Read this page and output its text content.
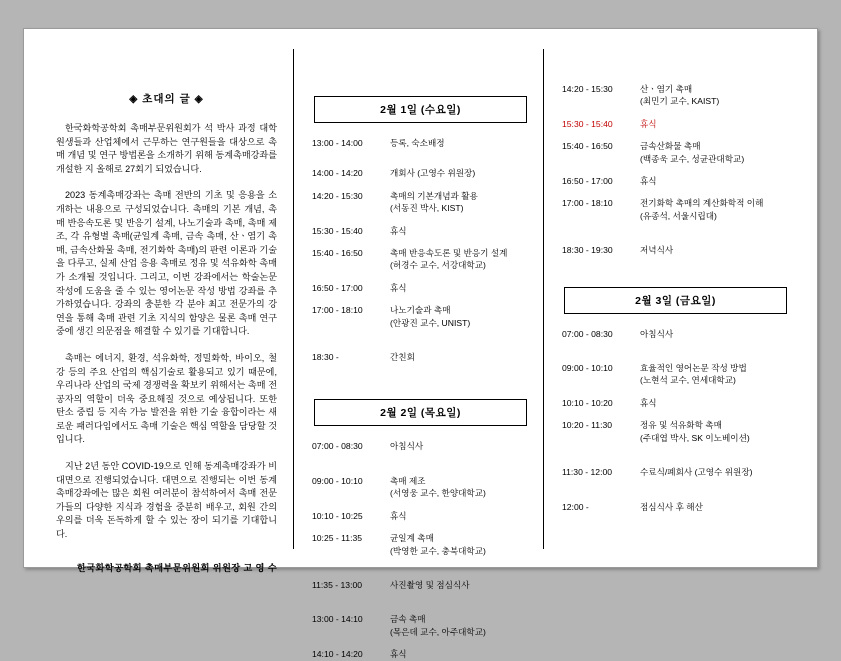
◈ 초대의 글 ◈

한국화학공학회 촉매부문위원회가 석 박사 과정 대학원생들과 산업체에서 근무하는 연구원들을 대상으로 촉매 개념 및 연구 방법론을 소개하기 위해 동계촉매강좌를 개설한 지 올해로 27회기 되었습니다.

2023 동계촉매강좌는 촉매 전반의 기초 및 응용을 소개하는 내용으로 구성되었습니다. 촉매의 기본 개념, 촉매 반응속도론 및 반응기 설계, 나노기술과 촉매, 촉매 제조, 각 유형별 촉매(균일계 촉매, 금속 촉매, 산ㆍ염기 촉매, 금속산화물 촉매, 전기화학 촉매)의 판련 이론과 기술을 다루고, 실제 산업 응용 촉매로 정유 및 석유화학 촉매가 소개될 것입니다. 그리고, 이번 강좌에서는 학술논문 작성에 도움을 줄 수 있는 영어논문 작성 방법 강좌를 추가하였습니다. 강좌의 충분한 각 분야 최고 전문가의 강연을 통해 촉매 관련 기초 지식의 함양은 물론 촉매 연구 중에 생긴 의문점을 해결할 수 있기를 기대합니다.

촉매는 에너지, 환경, 석유화학, 정밀화학, 바이오, 철강 등의 주요 산업의 핵심기술로 활용되고 있기 때문에, 우리나라 산업의 국제 경쟁력을 확보키 위해서는 촉매 전공자의 역할이 더욱 중요해질 것으로 예상됩니다. 또한 탄소 중립 등 지속 가능 발전을 위한 기술 융합이라는 새로운 패러다임에서도 촉매 기술은 핵심 역할을 담당할 것입니다.

지난 2년 동안 COVID-19으로 인해 동계촉매강좌가 비대면으로 진행되었습니다. 대면으로 진행되는 이번 동계촉매강좌에는 많은 회원 여러분이 참석하여서 촉매 전문가들의 다양한 지식과 경험을 중분히 배우고, 회원 간의 우의를 더욱 돈독하게 할 수 있는 장이 되기를 기대합니다.

한국화학공학회 촉매부문위원회 위원장 고 영 수
2월 1일 (수요일)
13:00 - 14:00	등록, 숙소배정
14:00 - 14:20	개회사 (고영수 위원장)
14:20 - 15:30	촉매의 기본개념과 활용
(서동진 박사, KIST)
15:30 - 15:40	휴식
15:40 - 16:50	촉매 반응속도론 및 반응기 설계
(허경수 교수, 서강대학교)
16:50 - 17:00	휴식
17:00 - 18:10	나노기술과 촉매
(안광진 교수, UNIST)
18:30 -	간친회
2월 2일 (목요일)
07:00 - 08:30	아침식사
09:00 - 10:10	촉매 제조
(서영웅 교수, 한양대학교)
10:10 - 10:25	휴식
10:25 - 11:35	균일계 촉매
(박영한 교수, 충북대학교)
11:35 - 13:00	사진촬영 및 점심식사
13:00 - 14:10	금속 촉매
(목은데 교수, 아주대학교)
14:10 - 14:20	휴식
14:20 - 15:30	산ㆍ염기 촉매
(최민기 교수, KAIST)
15:30 - 15:40	휴식
15:40 - 16:50	금속산화물 촉매
(백종욱 교수, 성균관대학교)
16:50 - 17:00	휴식
17:00 - 18:10	전기화학 촉매의 계산화학적 이해
(유종석, 서울시립대)
18:30 - 19:30	저녁식사
2월 3일 (금요일)
07:00 - 08:30	아침식사
09:00 - 10:10	효율적인 영어논문 작성 방법
(노현석 교수, 연세대학교)
10:10 - 10:20	휴식
10:20 - 11:30	정유 및 석유화학 촉매
(주대엽 박사, SK 이노베이션)
11:30 - 12:00	수료식/폐회사 (고영수 위원장)
12:00 -	점심식사 후 해산
